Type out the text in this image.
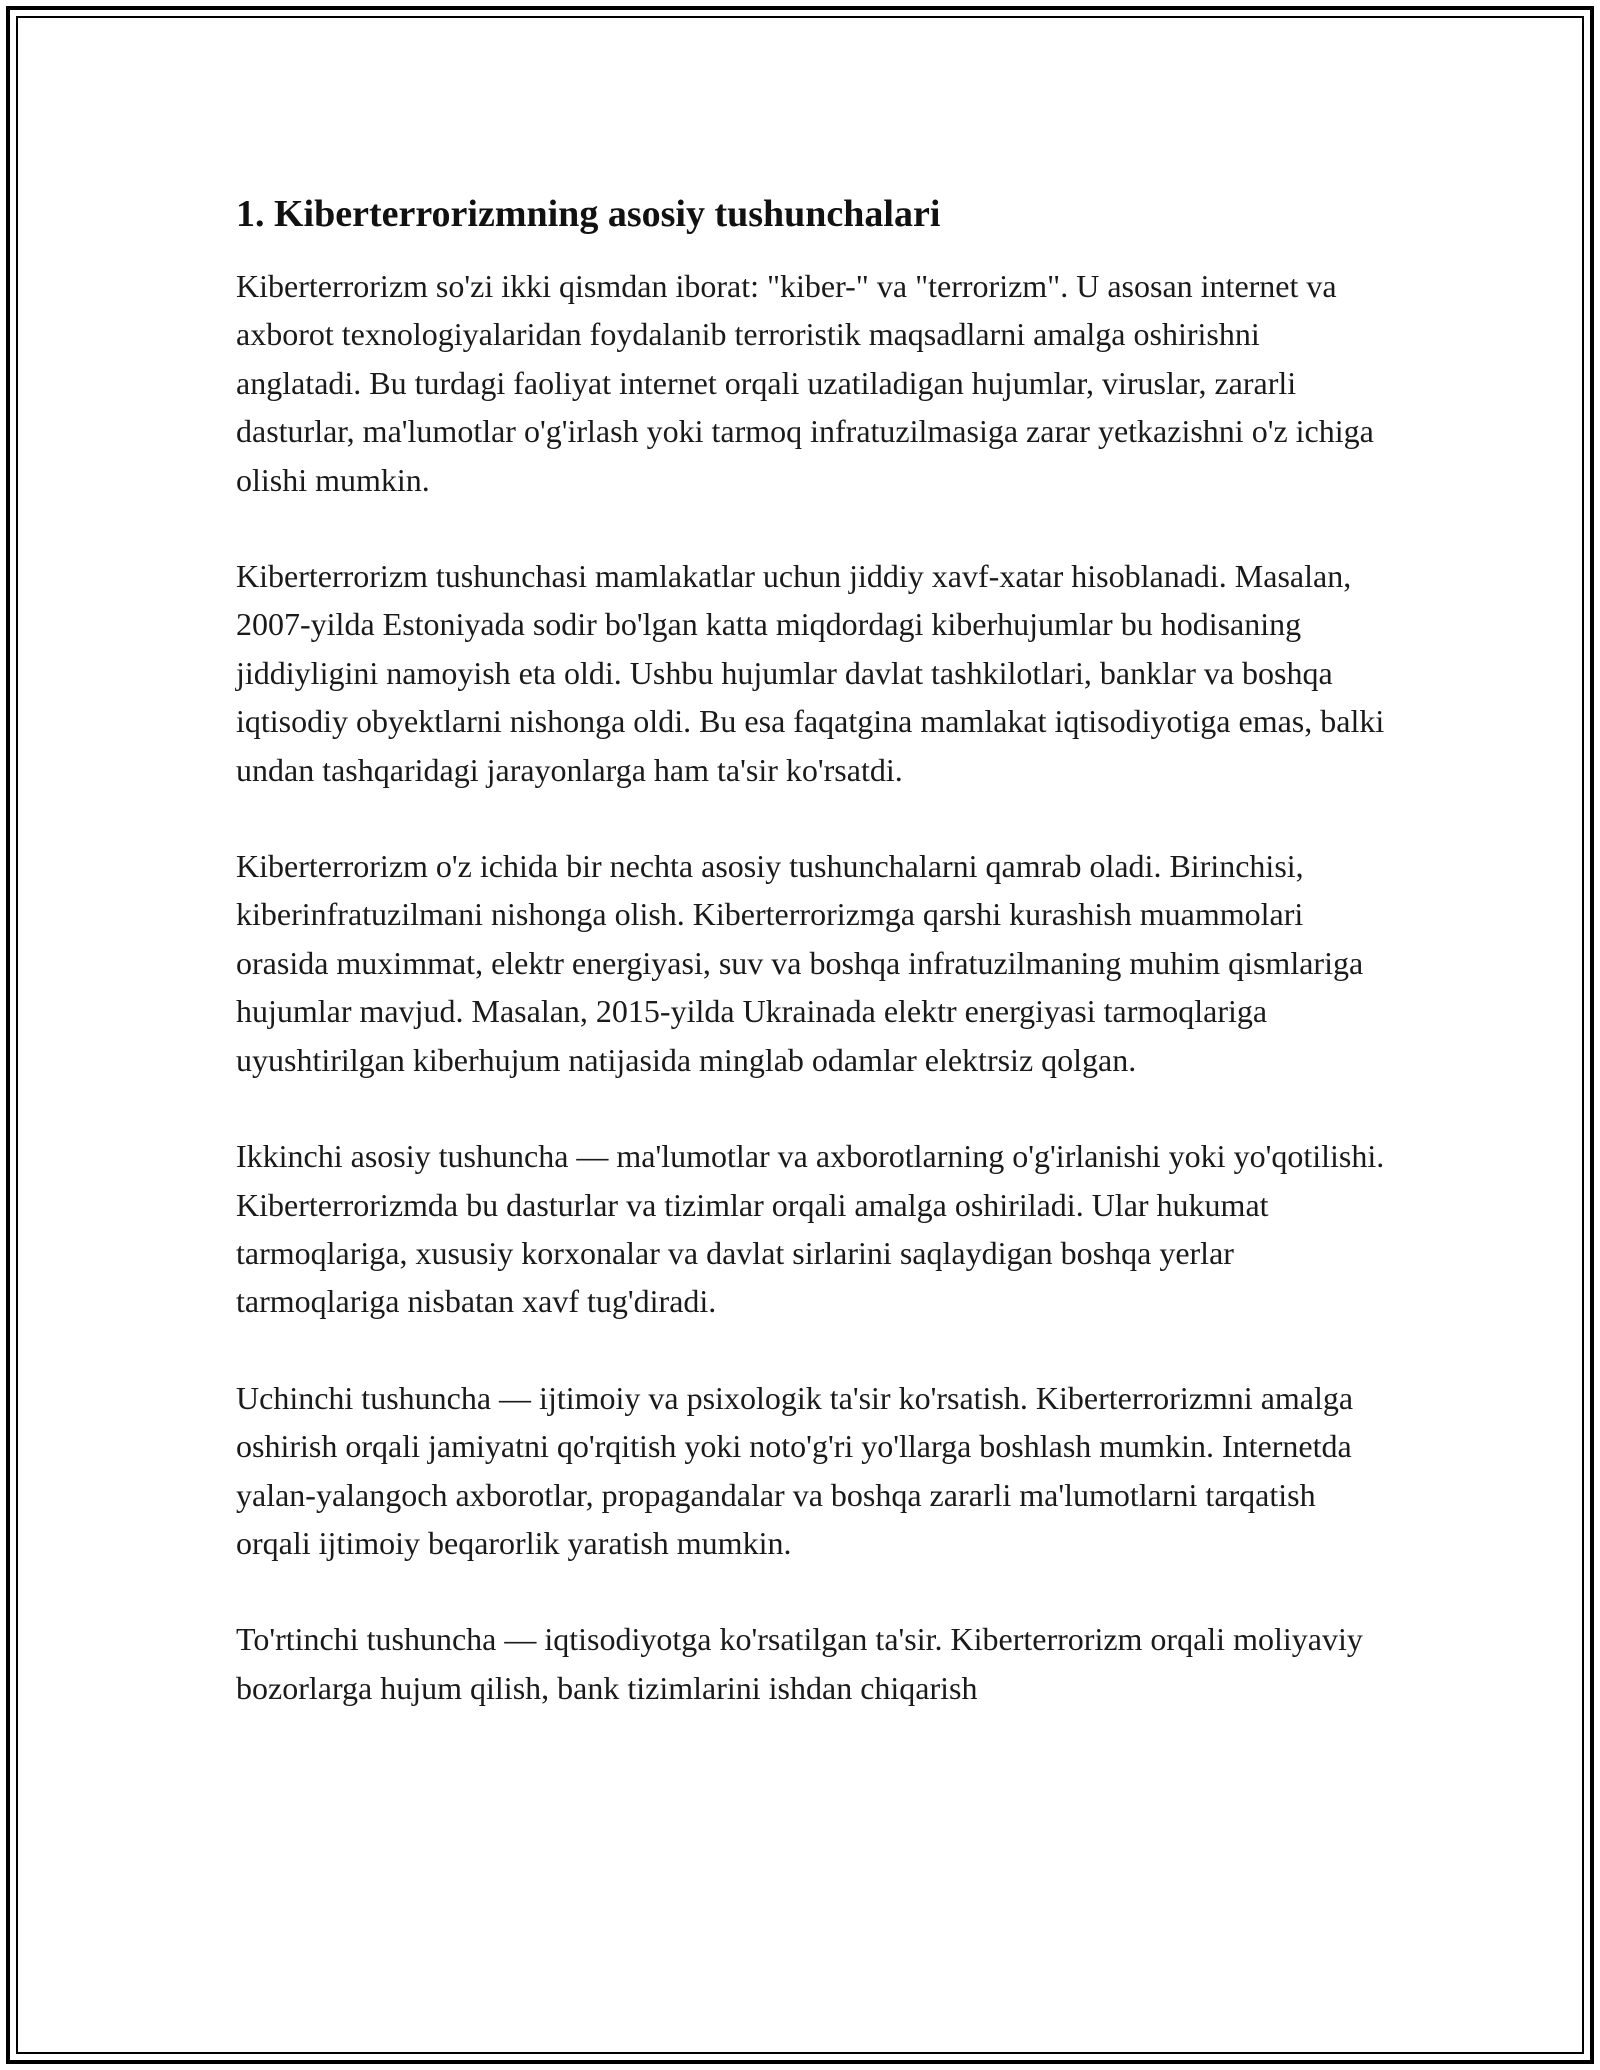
1. Kiberterrorizmning asosiy tushunchalari

Kiberterrorizm so'zi ikki qismdan iborat: "kiber-" va "terrorizm". U asosan internet va axborot texnologiyalaridan foydalanib terroristik maqsadlarni amalga oshirishni anglatadi. Bu turdagi faoliyat internet orqali uzatiladigan hujumlar, viruslar, zararli dasturlar, ma'lumotlar o'g'irlash yoki tarmoq infratuzilmasiga zarar yetkazishni o'z ichiga olishi mumkin.

Kiberterrorizm tushunchasi mamlakatlar uchun jiddiy xavf-xatar hisoblanadi. Masalan, 2007-yilda Estoniyada sodir bo'lgan katta miqdordagi kiberhujumlar bu hodisaning jiddiyligini namoyish eta oldi. Ushbu hujumlar davlat tashkilotlari, banklar va boshqa iqtisodiy obyektlarni nishonga oldi. Bu esa faqatgina mamlakat iqtisodiyotiga emas, balki undan tashqaridagi jarayonlarga ham ta'sir ko'rsatdi.

Kiberterrorizm o'z ichida bir nechta asosiy tushunchalarni qamrab oladi. Birinchisi, kiberinfratuzilmani nishonga olish. Kiberterrorizmga qarshi kurashish muammolari orasida muximmat, elektr energiyasi, suv va boshqa infratuzilmaning muhim qismlariga hujumlar mavjud. Masalan, 2015-yilda Ukrainada elektr energiyasi tarmoqlariga uyushtirilgan kiberhujum natijasida minglab odamlar elektrsiz qolgan.

Ikkinchi asosiy tushuncha — ma'lumotlar va axborotlarning o'g'irlanishi yoki yo'qotilishi. Kiberterrorizmda bu dasturlar va tizimlar orqali amalga oshiriladi. Ular hukumat tarmoqlariga, xususiy korxonalar va davlat sirlarini saqlaydigan boshqa yerlar tarmoqlariga nisbatan xavf tug'diradi.

Uchinchi tushuncha — ijtimoiy va psixologik ta'sir ko'rsatish. Kiberterrorizmni amalga oshirish orqali jamiyatni qo'rqitish yoki noto'g'ri yo'llarga boshlash mumkin. Internetda yalan-yalangoch axborotlar, propagandalar va boshqa zararli ma'lumotlarni tarqatish orqali ijtimoiy beqarorlik yaratish mumkin.

To'rtinchi tushuncha — iqtisodiyotga ko'rsatilgan ta'sir. Kiberterrorizm orqali moliyaviy bozorlarga hujum qilish, bank tizimlarini ishdan chiqarish
